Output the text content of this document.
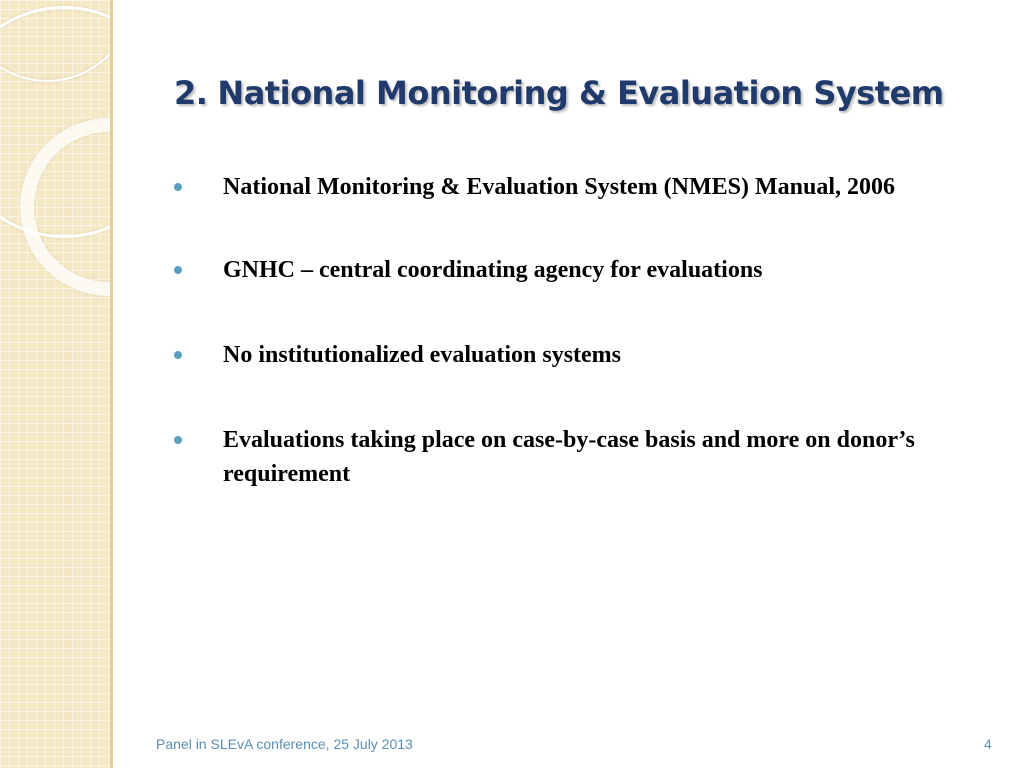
2. National Monitoring & Evaluation System
National Monitoring & Evaluation System (NMES) Manual, 2006
GNHC – central coordinating agency for evaluations
No institutionalized evaluation systems
Evaluations taking place on case-by-case basis and more on donor’s requirement
Panel in SLEvA conference, 25 July 2013	4
